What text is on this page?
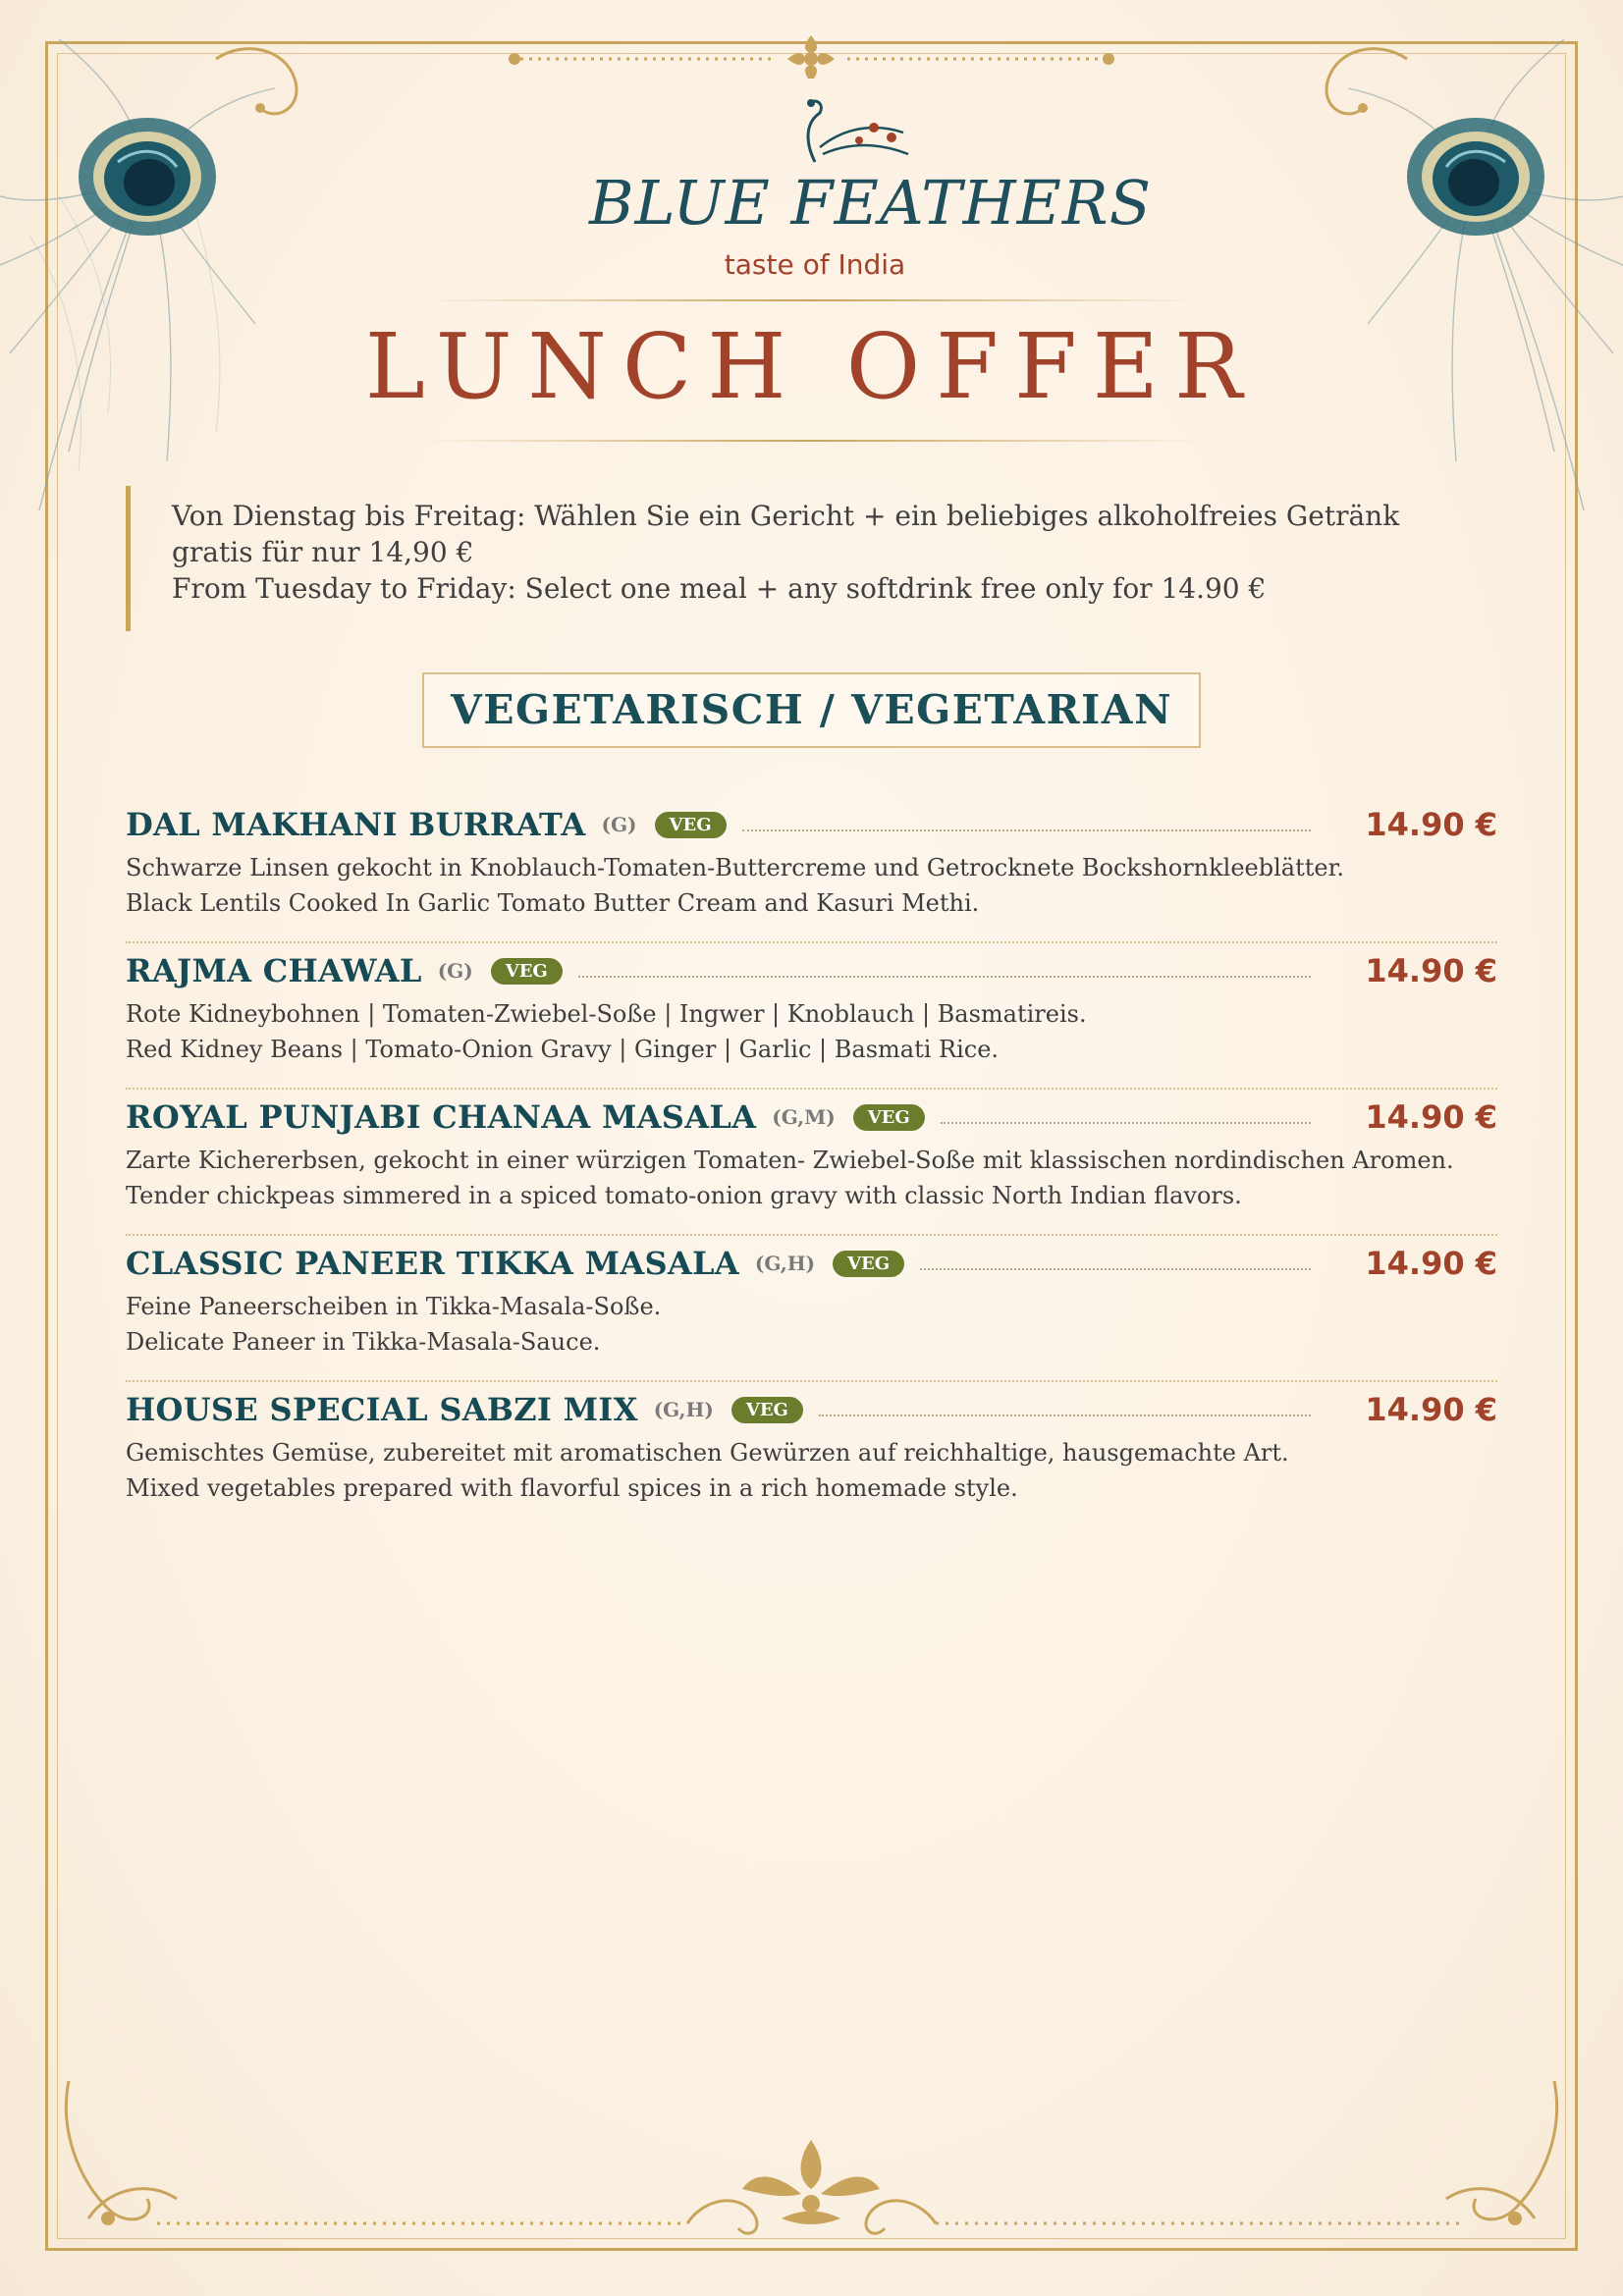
BLUE FEATHERS
taste of India
LUNCH OFFER

Von Dienstag bis Freitag: Wählen Sie ein Gericht + ein beliebiges alkoholfreies Getränk gratis für nur 14,90 €

From Tuesday to Friday: Select one meal + any softdrink free only for 14.90 €

VEGETARISCH / VEGETARIAN
DAL MAKHANI BURRATA (G)	VEG	14.90 €
Schwarze Linsen gekocht in Knoblauch-Tomaten-Buttercreme und Getrocknete Bockshornkleeblätter.
Black Lentils Cooked In Garlic Tomato Butter Cream and Kasuri Methi.
RAJMA CHAWAL (G)	VEG	14.90 €
Rote Kidneybohnen | Tomaten-Zwiebel-Soße | Ingwer | Knoblauch | Basmatireis.
Red Kidney Beans | Tomato-Onion Gravy | Ginger | Garlic | Basmati Rice.
ROYAL PUNJABI CHANAA MASALA (G,M)	VEG	14.90 €
Zarte Kichererbsen, gekocht in einer würzigen Tomaten- Zwiebel-Soße mit klassischen nordindischen Aromen.
Tender chickpeas simmered in a spiced tomato-onion gravy with classic North Indian flavors.
CLASSIC PANEER TIKKA MASALA (G,H)	VEG	14.90 €
Feine Paneerscheiben in Tikka-Masala-Soße.
Delicate Paneer in Tikka-Masala-Sauce.
HOUSE SPECIAL SABZI MIX (G,H)	VEG	14.90 €
Gemischtes Gemüse, zubereitet mit aromatischen Gewürzen auf reichhaltige, hausgemachte Art.
Mixed vegetables prepared with flavorful spices in a rich homemade style.
